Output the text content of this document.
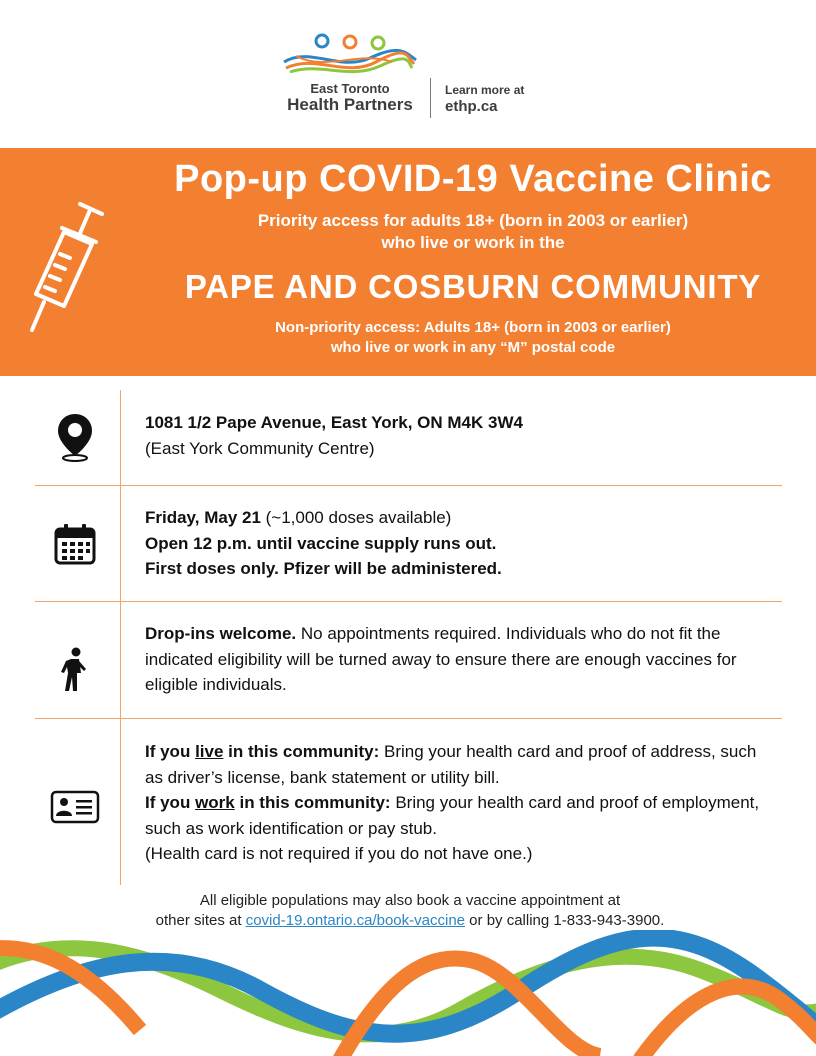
East Toronto
Health Partners
Learn more at
ethp.ca
Pop-up COVID-19 Vaccine Clinic
Priority access for adults 18+ (born in 2003 or earlier)
who live or work in the
PAPE AND COSBURN COMMUNITY
Non-priority access: Adults 18+ (born in 2003 or earlier)
who live or work in any “M” postal code
1081 1/2 Pape Avenue, East York, ON M4K 3W4
(East York Community Centre)
Friday, May 21 (~1,000 doses available)
Open 12 p.m. until vaccine supply runs out.
First doses only. Pfizer will be administered.
Drop-ins welcome. No appointments required. Individuals who do not fit the indicated eligibility will be turned away to ensure there are enough vaccines for eligible individuals.
If you live in this community: Bring your health card and proof of address, such as driver’s license, bank statement or utility bill.
If you work in this community: Bring your health card and proof of employment, such as work identification or pay stub.
(Health card is not required if you do not have one.)
All eligible populations may also book a vaccine appointment at
other sites at covid-19.ontario.ca/book-vaccine or by calling 1-833-943-3900.
